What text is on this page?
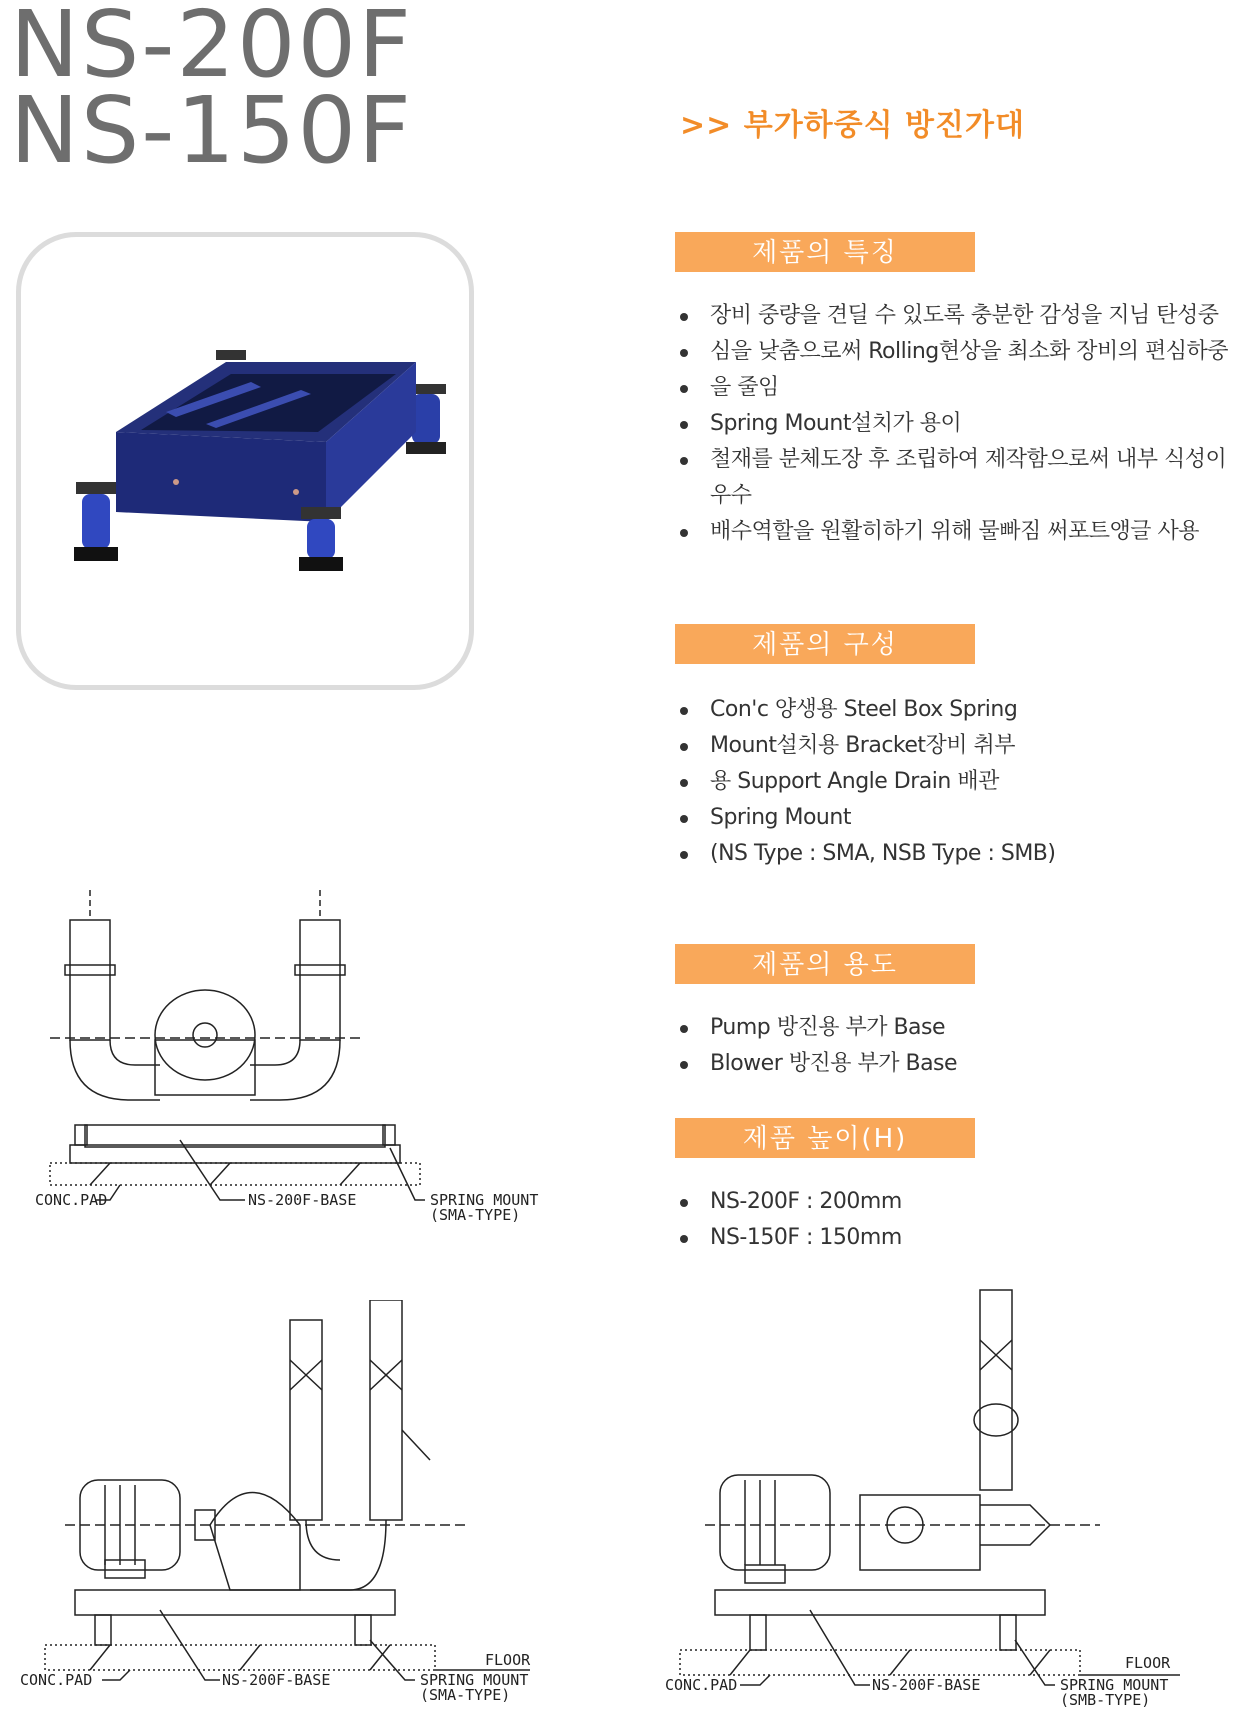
NS-200F
NS-150F	>> 부가하중식 방진가대
제품의 특징
장비 중량을 견딜 수 있도록 충분한 감성을 지님 탄성중
심을 낮춤으로써 Rolling현상을 최소화 장비의 편심하중
을 줄임
Spring Mount설치가 용이
철재를 분체도장 후 조립하여 제작함으로써 내부 식성이 우수
배수역할을 원활히하기 위해 물빠짐 써포트앵글 사용
제품의 구성
Con'c 양생용 Steel Box Spring
Mount설치용 Bracket장비 취부
용 Support Angle Drain 배관
Spring Mount
(NS Type : SMA, NSB Type : SMB)
제품의 용도
Pump 방진용 부가 Base
Blower 방진용 부가 Base
제품 높이(H)
NS-200F : 200mm
NS-150F : 150mm
CONC.PAD	NS-200F-BASE	SPRING MOUNT
(SMA-TYPE)
FLOOR
CONC.PAD	NS-200F-BASE	SPRING MOUNT
(SMA-TYPE)
FLOOR
CONC.PAD	NS-200F-BASE	SPRING MOUNT
(SMB-TYPE)
